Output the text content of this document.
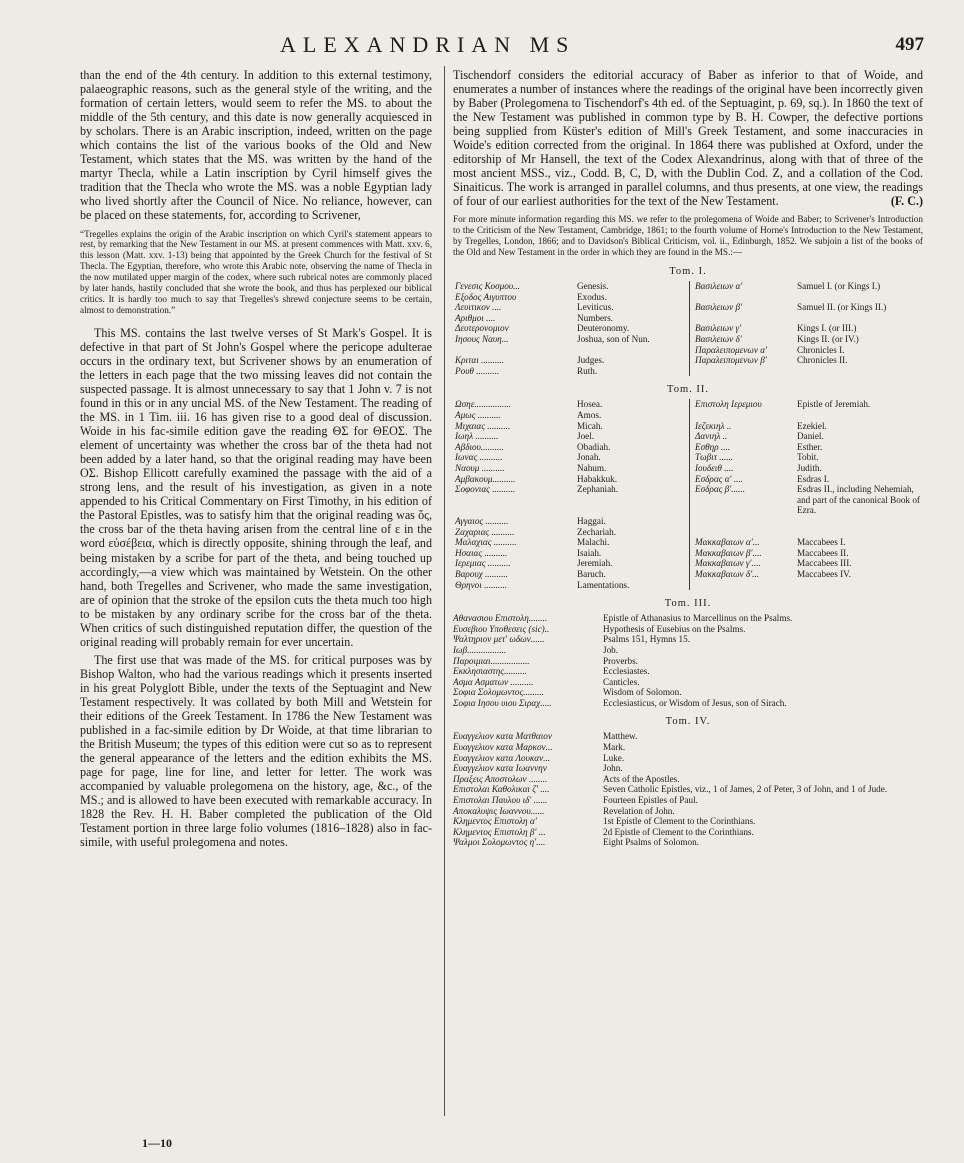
ALEXANDRIAN MS	497

than the end of the 4th century. In addition to this external testimony, palaeographic reasons, such as the general style of the writing, and the formation of certain letters, would seem to refer the MS. to about the middle of the 5th century, and this date is now generally acquiesced in by scholars. There is an Arabic inscription, indeed, written on the page which contains the list of the various books of the Old and New Testament, which states that the MS. was written by the hand of the martyr Thecla, while a Latin inscription by Cyril himself gives the tradition that the Thecla who wrote the MS. was a noble Egyptian lady who lived shortly after the Council of Nice. No reliance, however, can be placed on these statements, for, according to Scrivener,

“Tregelles explains the origin of the Arabic inscription on which Cyril's statement appears to rest, by remarking that the New Testament in our MS. at present commences with Matt. xxv. 6, this lesson (Matt. xxv. 1-13) being that appointed by the Greek Church for the festival of St Thecla. The Egyptian, therefore, who wrote this Arabic note, observing the name of Thecla in the now mutilated upper margin of the codex, where such rubrical notes are commonly placed by later hands, hastily concluded that she wrote the book, and thus has perplexed our biblical critics. It is hardly too much to say that Tregelles's shrewd conjecture seems to be certain, almost to demonstration.”

This MS. contains the last twelve verses of St Mark's Gospel. It is defective in that part of St John's Gospel where the pericope adulterae occurs in the ordinary text, but Scrivener shows by an enumeration of the letters in each page that the two missing leaves did not contain the suspected passage. It is almost unnecessary to say that 1 John v. 7 is not found in this or in any uncial MS. of the New Testament. The reading of the MS. in 1 Tim. iii. 16 has given rise to a good deal of discussion. Woide in his fac-simile edition gave the reading ΘΣ for ΘΕΟΣ. The element of uncertainty was whether the cross bar of the theta had not been added by a later hand, so that the original reading may have been ΟΣ. Bishop Ellicott carefully examined the passage with the aid of a strong lens, and the result of his investigation, as given in a note appended to his Critical Commentary on First Timothy, in his edition of the Pastoral Epistles, was to satisfy him that the original reading was ὅς, the cross bar of the theta having arisen from the central line of ε in the word εὐσέβεια, which is directly opposite, shining through the leaf, and being mistaken by a scribe for part of the theta, and being touched up accordingly,—a view which was maintained by Wetstein. On the other hand, both Tregelles and Scrivener, who made the same investigation, are of opinion that the stroke of the epsilon cuts the theta much too high to be mistaken by any ordinary scribe for the cross bar of the theta. When critics of such distinguished reputation differ, the question of the original reading will probably remain for ever uncertain.

The first use that was made of the MS. for critical purposes was by Bishop Walton, who had the various readings which it presents inserted in his great Polyglott Bible, under the texts of the Septuagint and New Testament respectively. It was collated by both Mill and Wetstein for their editions of the Greek Testament. In 1786 the New Testament was published in a fac-simile edition by Dr Woide, at that time librarian to the British Museum; the types of this edition were cut so as to represent the general appearance of the letters and the edition exhibits the MS. page for page, line for line, and letter for letter. The work was accompanied by valuable prolegomena on the history, age, &c., of the MS.; and is allowed to have been executed with remarkable accuracy. In 1828 the Rev. H. H. Baber completed the publication of the Old Testament portion in three large folio volumes (1816–1828) also in fac-simile, with useful prolegomena and notes.

Tischendorf considers the editorial accuracy of Baber as inferior to that of Woide, and enumerates a number of instances where the readings of the original have been incorrectly given by Baber (Prolegomena to Tischendorf's 4th ed. of the Septuagint, p. 69, sq.). In 1860 the text of the New Testament was published in common type by B. H. Cowper, the defective portions being supplied from Küster's edition of Mill's Greek Testament, and some inaccuracies in Woide's edition corrected from the original. In 1864 there was published at Oxford, under the editorship of Mr Hansell, the text of the Codex Alexandrinus, along with that of three of the most ancient MSS., viz., Codd. B, C, D, with the Dublin Cod. Z, and a collation of the Cod. Sinaiticus. The work is arranged in parallel columns, and thus presents, at one view, the readings of four of our earliest authorities for the text of the New Testament.	(F. C.)

For more minute information regarding this MS. we refer to the prolegomena of Woide and Baber; to Scrivener's Introduction to the Criticism of the New Testament, Cambridge, 1861; to the fourth volume of Horne's Introduction to the New Testament, by Tregelles, London, 1866; and to Davidson's Biblical Criticism, vol. ii., Edinburgh, 1852. We subjoin a list of the books of the Old and New Testament in the order in which they are found in the MS.:—

Tom. I.
Γενεσις Κοσμου...	Genesis.	Βασιλειων α'	Samuel I. (or Kings I.)
Εξοδος Αιγυπτου	Exodus.		
Λευιτικον ....	Leviticus.	Βασιλειων β'	Samuel II. (or Kings II.)
Αριθμοι ....	Numbers.		
Δευτερονομιον	Deuteronomy.	Βασιλειων γ'	Kings I. (or III.)
Ιησους Ναυη...	Joshua, son of Nun.	Βασιλειων δ'	Kings II. (or IV.)
		Παραλειπομενων α'	Chronicles I.
Κριται ..........	Judges.	Παραλειπομενων β'	Chronicles II.
Ρουθ ..........	Ruth.		
Tom. II.
Ωσηε................	Hosea.	Επιστολη Ιερεμιου	Epistle of Jeremiah.
Αμως ..........	Amos.		
Μιχαιας ..........	Micah.	Ιεζεκιηλ ..	Ezekiel.
Ιωηλ ..........	Joel.	Δανιηλ ..	Daniel.
Αβδιου..........	Obadiah.	Εσθηρ ....	Esther.
Ιωνας ..........	Jonah.	Τωβιτ ......	Tobit.
Ναουμ ..........	Nahum.	Ιουδειθ ....	Judith.
Αμβακουμ..........	Habakkuk.	Εσδρας α' ....	Esdras I.
Σοφονιας ..........	Zephaniah.	Εσδρας β'......	Esdras II., including Nehemiah, and part of the canonical Book of Ezra.
Αγγαιος ..........	Haggai.		
Ζαχαριας ..........	Zechariah.		
Μαλαχιας ..........	Malachi.	Μακκαβαιων α'...	Maccabees I.
Ησαιας ..........	Isaiah.	Μακκαβαιων β'....	Maccabees II.
Ιερεμιας ..........	Jeremiah.	Μακκαβαιων γ'....	Maccabees III.
Βαρουχ ..........	Baruch.	Μακκαβαιων δ'...	Maccabees IV.
Θρηνοι ..........	Lamentations.		
Tom. III.
Αθανασιου Επιστολη........	Epistle of Athanasius to Marcellinus on the Psalms.
Ευσεβιου Υποθεσεις (sic)..	Hypothesis of Eusebius on the Psalms.
Ψαλτηριον μετ' ωδων......	Psalms 151, Hymns 15.
Ιωβ.................	Job.
Παροιμιαι.................	Proverbs.
Εκκλησιαστης..........	Ecclesiastes.
Ασμα Ασματων ..........	Canticles.
Σοφια Σολομωντος.........	Wisdom of Solomon.
Σοφια Ιησου υιου Σιραχ.....	Ecclesiasticus, or Wisdom of Jesus, son of Sirach.
Tom. IV.
Ευαγγελιον κατα Ματθαιον	Matthew.
Ευαγγελιον κατα Μαρκον...	Mark.
Ευαγγελιον κατα Λουκαν...	Luke.
Ευαγγελιον κατα Ιωαννην	John.
Πραξεις Αποστολων ........	Acts of the Apostles.
Επιστολαι Καθολικαι ζ' ....	Seven Catholic Epistles, viz., 1 of James, 2 of Peter, 3 of John, and 1 of Jude.
Επιστολαι Παυλου ιδ' ......	Fourteen Epistles of Paul.
Αποκαλυψις Ιωαννου......	Revelation of John.
Κλημεντος Επιστολη α'	1st Epistle of Clement to the Corinthians.
Κλημεντος Επιστολη β' ...	2d Epistle of Clement to the Corinthians.
Ψαλμοι Σολομωντος η'....	Eight Psalms of Solomon.
1—10
